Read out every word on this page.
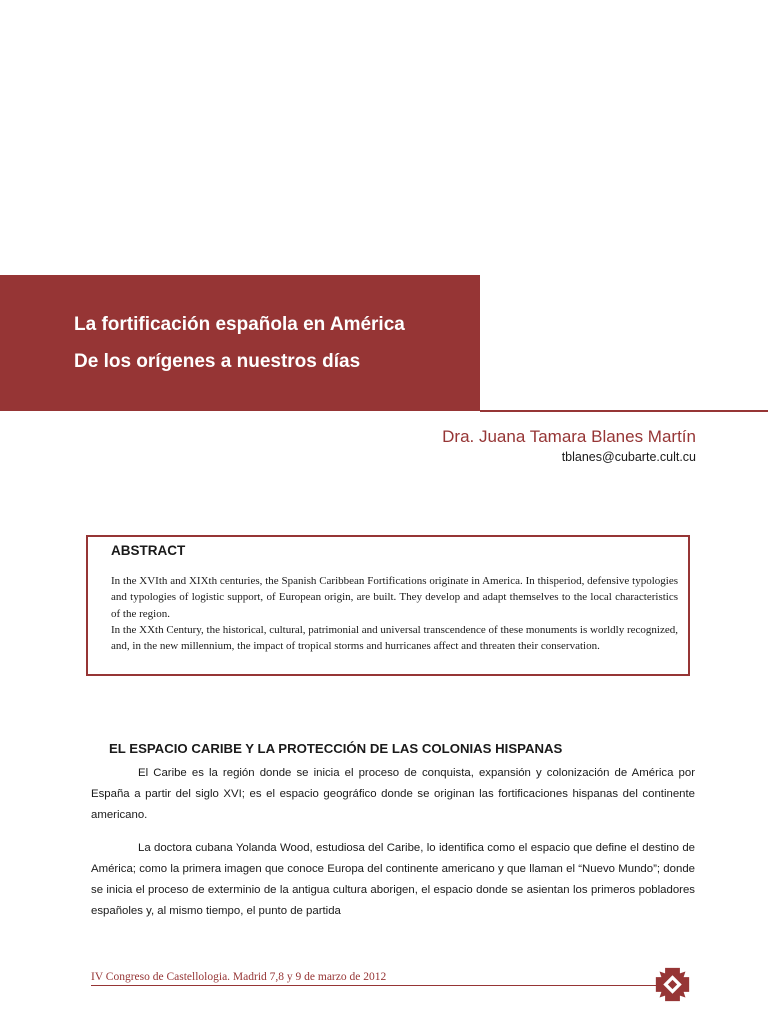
La fortificación española en América
De los orígenes a nuestros días
Dra. Juana Tamara Blanes Martín
tblanes@cubarte.cult.cu
ABSTRACT
In the XVIth and XIXth centuries, the Spanish Caribbean Fortifications originate in America. In thisperiod, defensive typologies and typologies of logistic support, of European origin, are built. They develop and adapt themselves to the local characteristics of the region.
In the XXth Century, the historical, cultural, patrimonial and universal transcendence of these monuments is worldly recognized, and, in the new millennium, the impact of tropical storms and hurricanes affect and threaten their conservation.
EL ESPACIO CARIBE Y LA PROTECCIÓN DE LAS COLONIAS HISPANAS

El Caribe es la región donde se inicia el proceso de conquista, expansión y colonización de América por España a partir del siglo XVI; es el espacio geográfico donde se originan las fortificaciones hispanas del continente americano.

La doctora cubana Yolanda Wood, estudiosa del Caribe, lo identifica como el espacio que define el destino de América; como la primera imagen que conoce Europa del continente americano y que llaman el “Nuevo Mundo”; donde se inicia el proceso de exterminio de la antigua cultura aborigen, el espacio donde se asientan los primeros pobladores españoles y, al mismo tiempo, el punto de partida

IV Congreso de Castellologia. Madrid 7,8 y 9 de marzo de 2012
